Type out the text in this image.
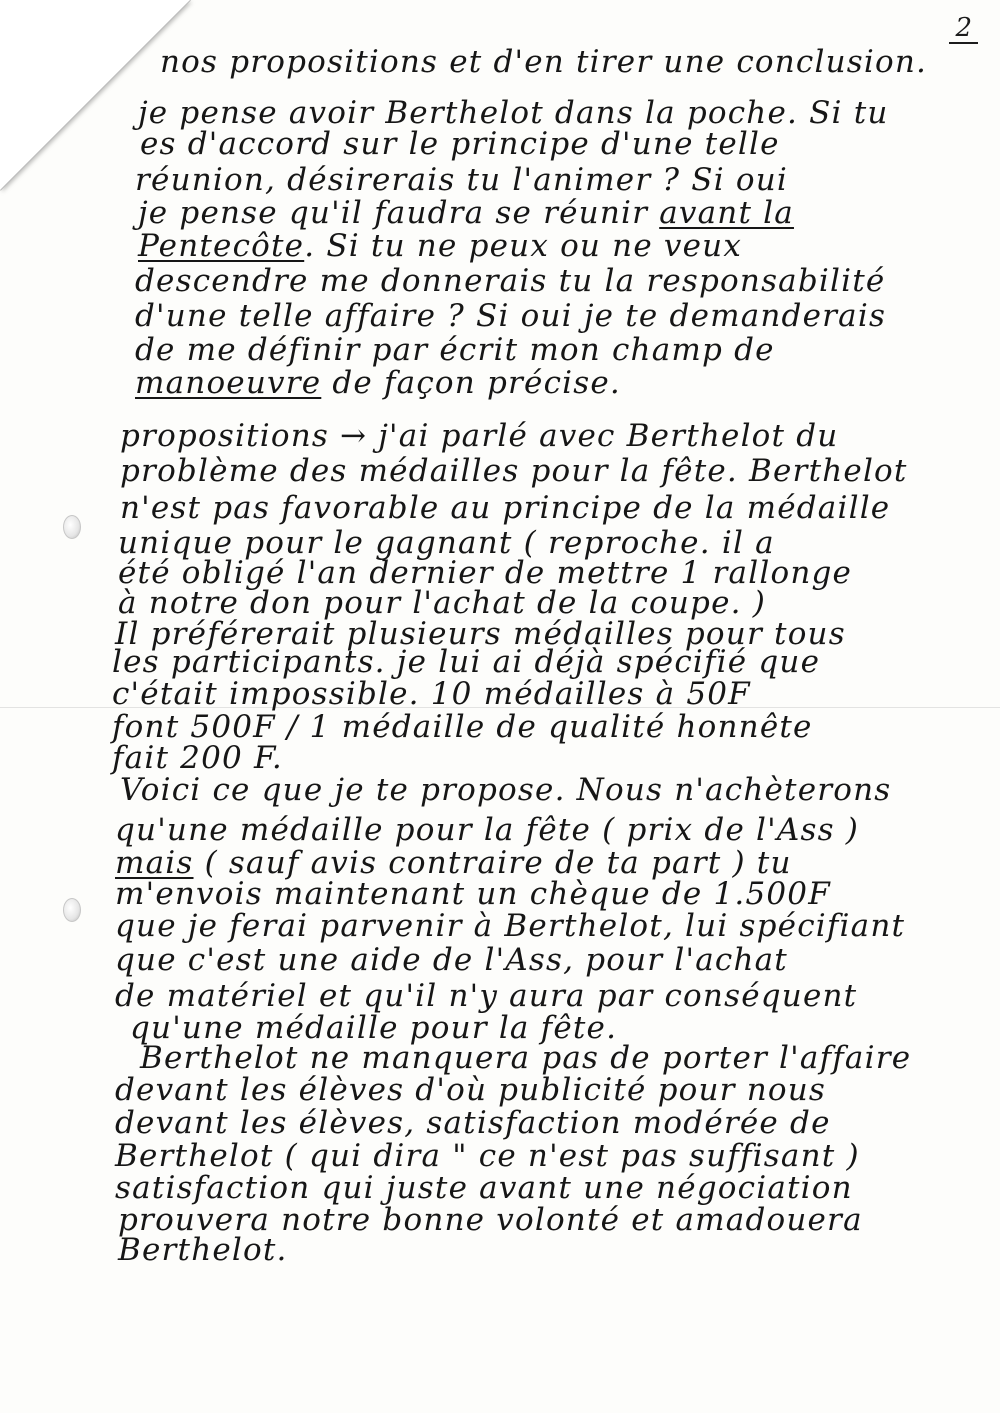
2
nos propositions et d'en tirer une conclusion.
je pense avoir Berthelot dans la poche. Si tu
es d'accord sur le principe d'une telle
réunion, désirerais tu l'animer ? Si oui
je pense qu'il faudra se réunir avant la
Pentecôte. Si tu ne peux ou ne veux
descendre me donnerais tu la responsabilité
d'une telle affaire ? Si oui je te demanderais
de me définir par écrit mon champ de
manoeuvre de façon précise.
propositions → j'ai parlé avec Berthelot du
problème des médailles pour la fête. Berthelot
n'est pas favorable au principe de la médaille
unique pour le gagnant ( reproche. il a
été obligé l'an dernier de mettre 1 rallonge
à notre don pour l'achat de la coupe. )
Il préférerait plusieurs médailles pour tous
les participants. je lui ai déjà spécifié que
c'était impossible. 10 médailles à 50F
font 500F / 1 médaille de qualité honnête
fait 200 F.
Voici ce que je te propose. Nous n'achèterons
qu'une médaille pour la fête ( prix de l'Ass )
mais ( sauf avis contraire de ta part ) tu
m'envois maintenant un chèque de 1.500F
que je ferai parvenir à Berthelot, lui spécifiant
que c'est une aide de l'Ass, pour l'achat
de matériel et qu'il n'y aura par conséquent
qu'une médaille pour la fête.
Berthelot ne manquera pas de porter l'affaire
devant les élèves d'où publicité pour nous
devant les élèves, satisfaction modérée de
Berthelot ( qui dira " ce n'est pas suffisant )
satisfaction qui juste avant une négociation
prouvera notre bonne volonté et amadouera
Berthelot.
